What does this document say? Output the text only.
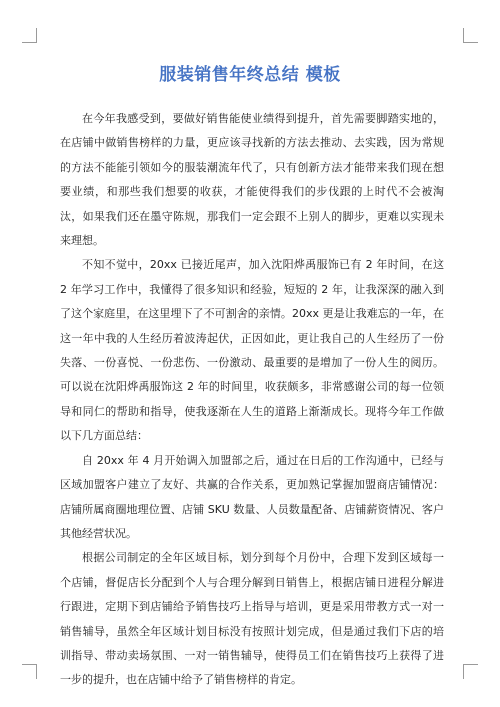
服装销售年终总结 模板

在今年我感受到，要做好销售能使业绩得到提升，首先需要脚踏实地的，在店铺中做销售榜样的力量，更应该寻找新的方法去推动、去实践，因为常规的方法不能能引领如今的服装潮流年代了，只有创新方法才能带来我们现在想要业绩，和那些我们想要的收获，才能使得我们的步伐跟的上时代不会被淘汰，如果我们还在墨守陈规，那我们一定会跟不上别人的脚步，更难以实现未来理想。

不知不觉中，20xx 已接近尾声，加入沈阳烨禹服饰已有 2 年时间，在这 2 年学习工作中，我懂得了很多知识和经验，短短的 2 年，让我深深的融入到了这个家庭里，在这里埋下了不可割舍的亲情。20xx 更是让我难忘的一年，在这一年中我的人生经历着波涛起伏，正因如此，更让我自己的人生经历了一份失落、一份喜悦、一份悲伤、一份激动、最重要的是增加了一份人生的阅历。可以说在沈阳烨禹服饰这 2 年的时间里，收获颇多，非常感谢公司的每一位领导和同仁的帮助和指导，使我逐渐在人生的道路上渐渐成长。现将今年工作做以下几方面总结：

自 20xx 年 4 月开始调入加盟部之后，通过在日后的工作沟通中，已经与区域加盟客户建立了友好、共赢的合作关系，更加熟记掌握加盟商店铺情况：店铺所属商圈地理位置、店铺 SKU 数量、人员数量配备、店铺薪资情况、客户其他经营状况。

根据公司制定的全年区域目标，划分到每个月份中，合理下发到区域每一个店铺，督促店长分配到个人与合理分解到日销售上，根据店铺日进程分解进行跟进，定期下到店铺给予销售技巧上指导与培训，更是采用带教方式一对一销售辅导，虽然全年区域计划目标没有按照计划完成，但是通过我们下店的培训指导、带动卖场氛围、一对一销售辅导，使得员工们在销售技巧上获得了进一步的提升，也在店铺中给予了销售榜样的肯定。
